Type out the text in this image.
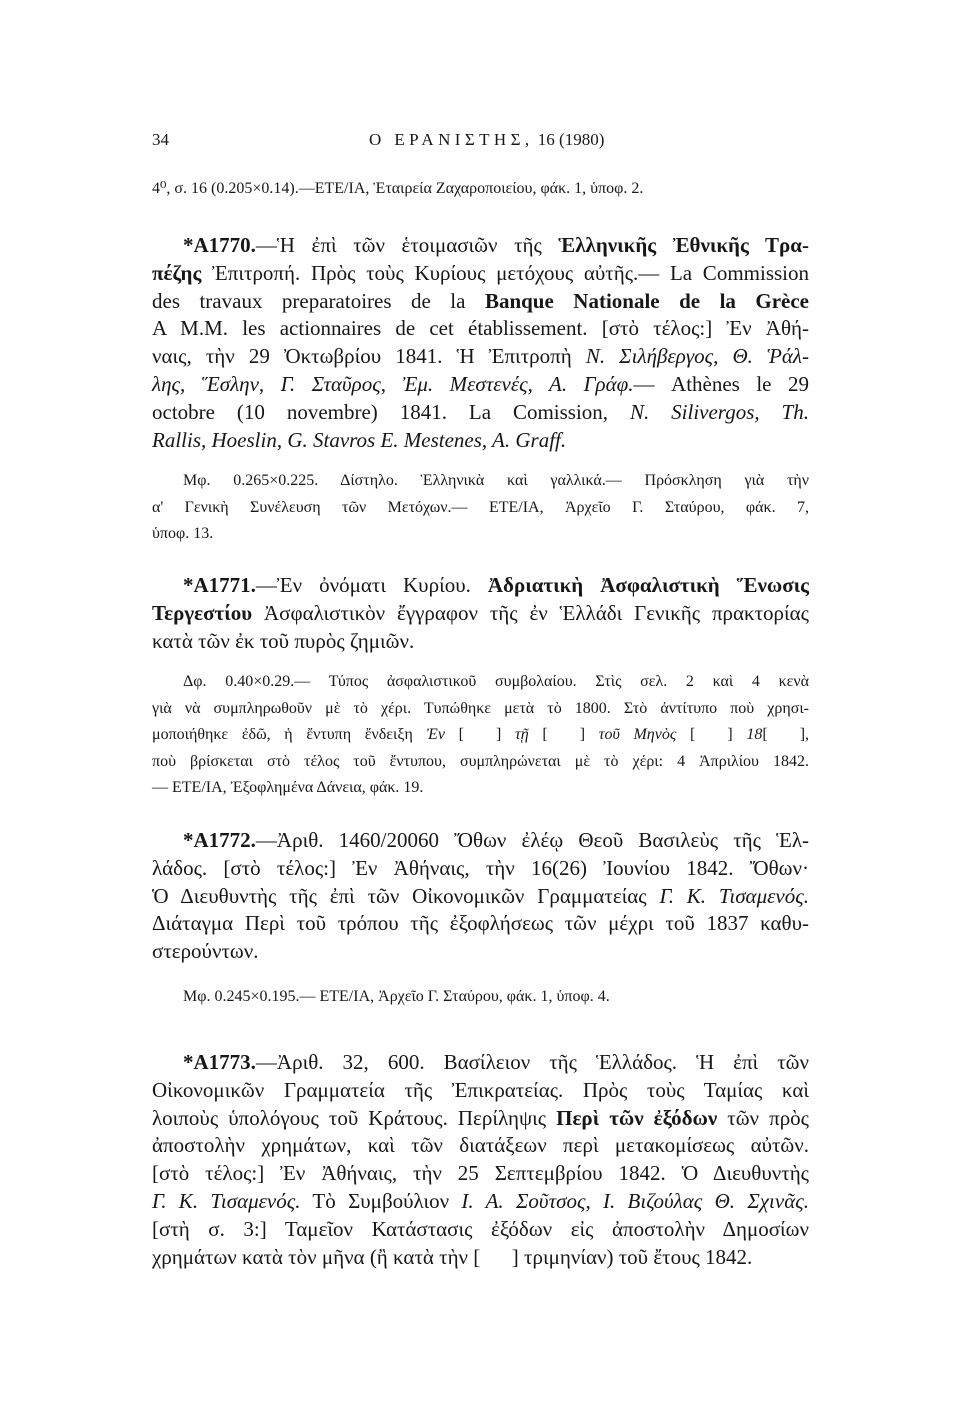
34	Ο ΕΡΑΝΙΣΤΗΣ, 16 (1980)
4⁰, σ. 16 (0.205×0.14).—ΕΤΕ/ΙΑ, Ἑταιρεία Ζαχαροποιείου, φάκ. 1, ὑποφ. 2.
*A1770.—Ἡ ἐπὶ τῶν ἑτοιμασιῶν τῆς Ἑλληνικῆς Ἐθνικῆς Τρα-
πέζης Ἐπιτροπή. Πρὸς τοὺς Κυρίους μετόχους αὐτῆς.— La Commission
des travaux preparatoires de la Banque Nationale de la Grèce
A M.M. les actionnaires de cet établissement. [στὸ τέλος:] Ἐν Ἀθή-
ναις, τὴν 29 Ὀκτωβρίου 1841. Ἡ Ἐπιτροπὴ Ν. Σιλήβεργος, Θ. Ῥάλ-
λης, Ἕσλην, Γ. Σταῦρος, Ἐμ. Μεστενές, Α. Γράφ.— Athènes le 29
octobre (10 novembre) 1841. La Comission, N. Silivergos, Th.
Rallis, Hoeslin, G. Stavros E. Mestenes, A. Graff.
Μφ. 0.265×0.225. Δίστηλο. Ἑλληνικὰ καὶ γαλλικά.— Πρόσκληση γιὰ τὴν
α' Γενικὴ Συνέλευση τῶν Μετόχων.— ΕΤΕ/ΙΑ, Ἀρχεῖο Γ. Σταύρου, φάκ. 7,
ὑποφ. 13.
*A1771.—Ἐν ὀνόματι Κυρίου. Ἀδριατικὴ Ἀσφαλιστικὴ Ἕνωσις
Τεργεστίου Ἀσφαλιστικὸν ἔγγραφον τῆς ἐν Ἑλλάδι Γενικῆς πρακτορίας
κατὰ τῶν ἐκ τοῦ πυρὸς ζημιῶν.
Δφ. 0.40×0.29.— Τύπος ἀσφαλιστικοῦ συμβολαίου. Στὶς σελ. 2 καὶ 4 κενὰ
γιὰ νὰ συμπληρωθοῦν μὲ τὸ χέρι. Τυπώθηκε μετὰ τὸ 1800. Στὸ ἀντίτυπο ποὺ χρησι-
μοποιήθηκε ἐδῶ, ἡ ἔντυπη ἔνδειξη Ἐν [  ] τῇ [  ] τοῦ Μηνὸς [  ] 18[  ],
ποὺ βρίσκεται στὸ τέλος τοῦ ἔντυπου, συμπληρώνεται μὲ τὸ χέρι: 4 Ἀπριλίου 1842.
— ΕΤΕ/ΙΑ, Ἐξοφλημένα Δάνεια, φάκ. 19.
*A1772.—Ἀριθ. 1460/20060 Ὄθων ἐλέῳ Θεοῦ Βασιλεὺς τῆς Ἑλ-
λάδος. [στὸ τέλος:] Ἐν Ἀθήναις, τὴν 16(26) Ἰουνίου 1842. Ὄθων·
Ὁ Διευθυντὴς τῆς ἐπὶ τῶν Οἰκονομικῶν Γραμματείας Γ. Κ. Τισαμενός.
Διάταγμα Περὶ τοῦ τρόπου τῆς ἐξοφλήσεως τῶν μέχρι τοῦ 1837 καθυ-
στερούντων.
Μφ. 0.245×0.195.— ΕΤΕ/ΙΑ, Ἀρχεῖο Γ. Σταύρου, φάκ. 1, ὑποφ. 4.
*A1773.—Ἀριθ. 32, 600. Βασίλειον τῆς Ἑλλάδος. Ἡ ἐπὶ τῶν
Οἰκονομικῶν Γραμματεία τῆς Ἐπικρατείας. Πρὸς τοὺς Ταμίας καὶ
λοιποὺς ὑπολόγους τοῦ Κράτους. Περίληψις Περὶ τῶν ἐξόδων τῶν πρὸς
ἀποστολὴν χρημάτων, καὶ τῶν διατάξεων περὶ μετακομίσεως αὐτῶν.
[στὸ τέλος:] Ἐν Ἀθήναις, τὴν 25 Σεπτεμβρίου 1842. Ὁ Διευθυντὴς
Γ. Κ. Τισαμενός. Τὸ Συμβούλιον Ι. Α. Σοῦτσος, Ι. Βιζούλας Θ. Σχινᾶς.
[στὴ σ. 3:] Ταμεῖον Κατάστασις ἐξόδων εἰς ἀποστολὴν Δημοσίων
χρημάτων κατὰ τὸν μῆνα (ἢ κατὰ τὴν [  ] τριμηνίαν) τοῦ ἔτους 1842.
